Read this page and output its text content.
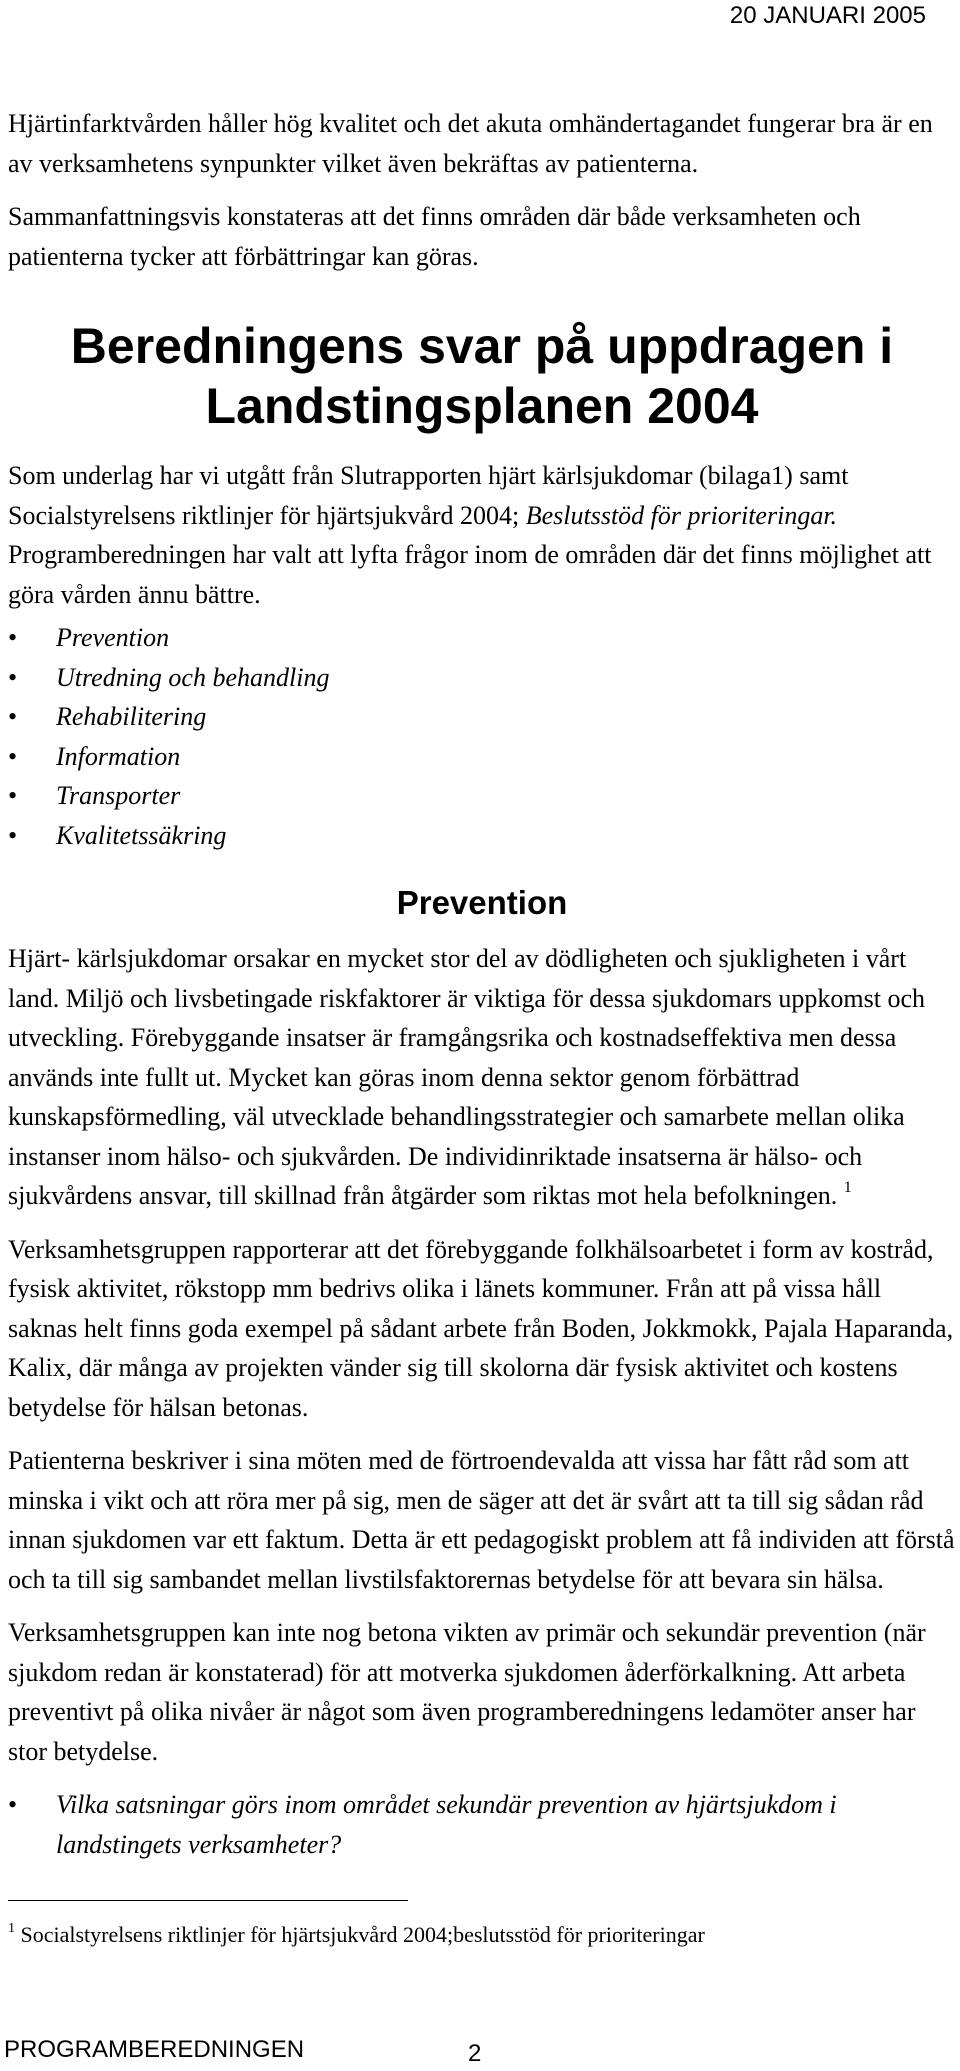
20 JANUARI 2005

Hjärtinfarktvården håller hög kvalitet och det akuta omhändertagandet fungerar bra är en av verksamhetens synpunkter vilket även bekräftas av patienterna.

Sammanfattningsvis konstateras att det finns områden där både verksamheten och patienterna tycker att förbättringar kan göras.

Beredningens svar på uppdragen i Landstingsplanen 2004

Som underlag har vi utgått från Slutrapporten hjärt kärlsjukdomar (bilaga1) samt Socialstyrelsens riktlinjer för hjärtsjukvård 2004; Beslutsstöd för prioriteringar. Programberedningen har valt att lyfta frågor inom de områden där det finns möjlighet att göra vården ännu bättre.

• Prevention
• Utredning och behandling
• Rehabilitering
• Information
• Transporter
• Kvalitetssäkring
Prevention

Hjärt- kärlsjukdomar orsakar en mycket stor del av dödligheten och sjukligheten i vårt land. Miljö och livsbetingade riskfaktorer är viktiga för dessa sjukdomars uppkomst och utveckling. Förebyggande insatser är framgångsrika och kostnadseffektiva men dessa används inte fullt ut. Mycket kan göras inom denna sektor genom förbättrad kunskapsförmedling, väl utvecklade behandlingsstrategier och samarbete mellan olika instanser inom hälso- och sjukvården. De individinriktade insatserna är hälso- och sjukvårdens ansvar, till skillnad från åtgärder som riktas mot hela befolkningen. $^1$

Verksamhetsgruppen rapporterar att det förebyggande folkhälsoarbetet i form av kostråd, fysisk aktivitet, rökstopp mm bedrivs olika i länets kommuner. Från att på vissa håll saknas helt finns goda exempel på sådant arbete från Boden, Jokkmokk, Pajala Haparanda, Kalix, där många av projekten vänder sig till skolorna där fysisk aktivitet och kostens betydelse för hälsan betonas.

Patienterna beskriver i sina möten med de förtroendevalda att vissa har fått råd som att minska i vikt och att röra mer på sig, men de säger att det är svårt att ta till sig sådan råd innan sjukdomen var ett faktum. Detta är ett pedagogiskt problem att få individen att förstå och ta till sig sambandet mellan livstilsfaktorernas betydelse för att bevara sin hälsa.

Verksamhetsgruppen kan inte nog betona vikten av primär och sekundär prevention (när sjukdom redan är konstaterad) för att motverka sjukdomen åderförkalkning. Att arbeta preventivt på olika nivåer är något som även programberedningens ledamöter anser har stor betydelse.

• Vilka satsningar görs inom området sekundär prevention av hjärtsjukdom i landstingets verksamheter?
$^1$ Socialstyrelsens riktlinjer för hjärtsjukvård 2004;beslutsstöd för prioriteringar
PROGRAMBEREDNINGEN	2
